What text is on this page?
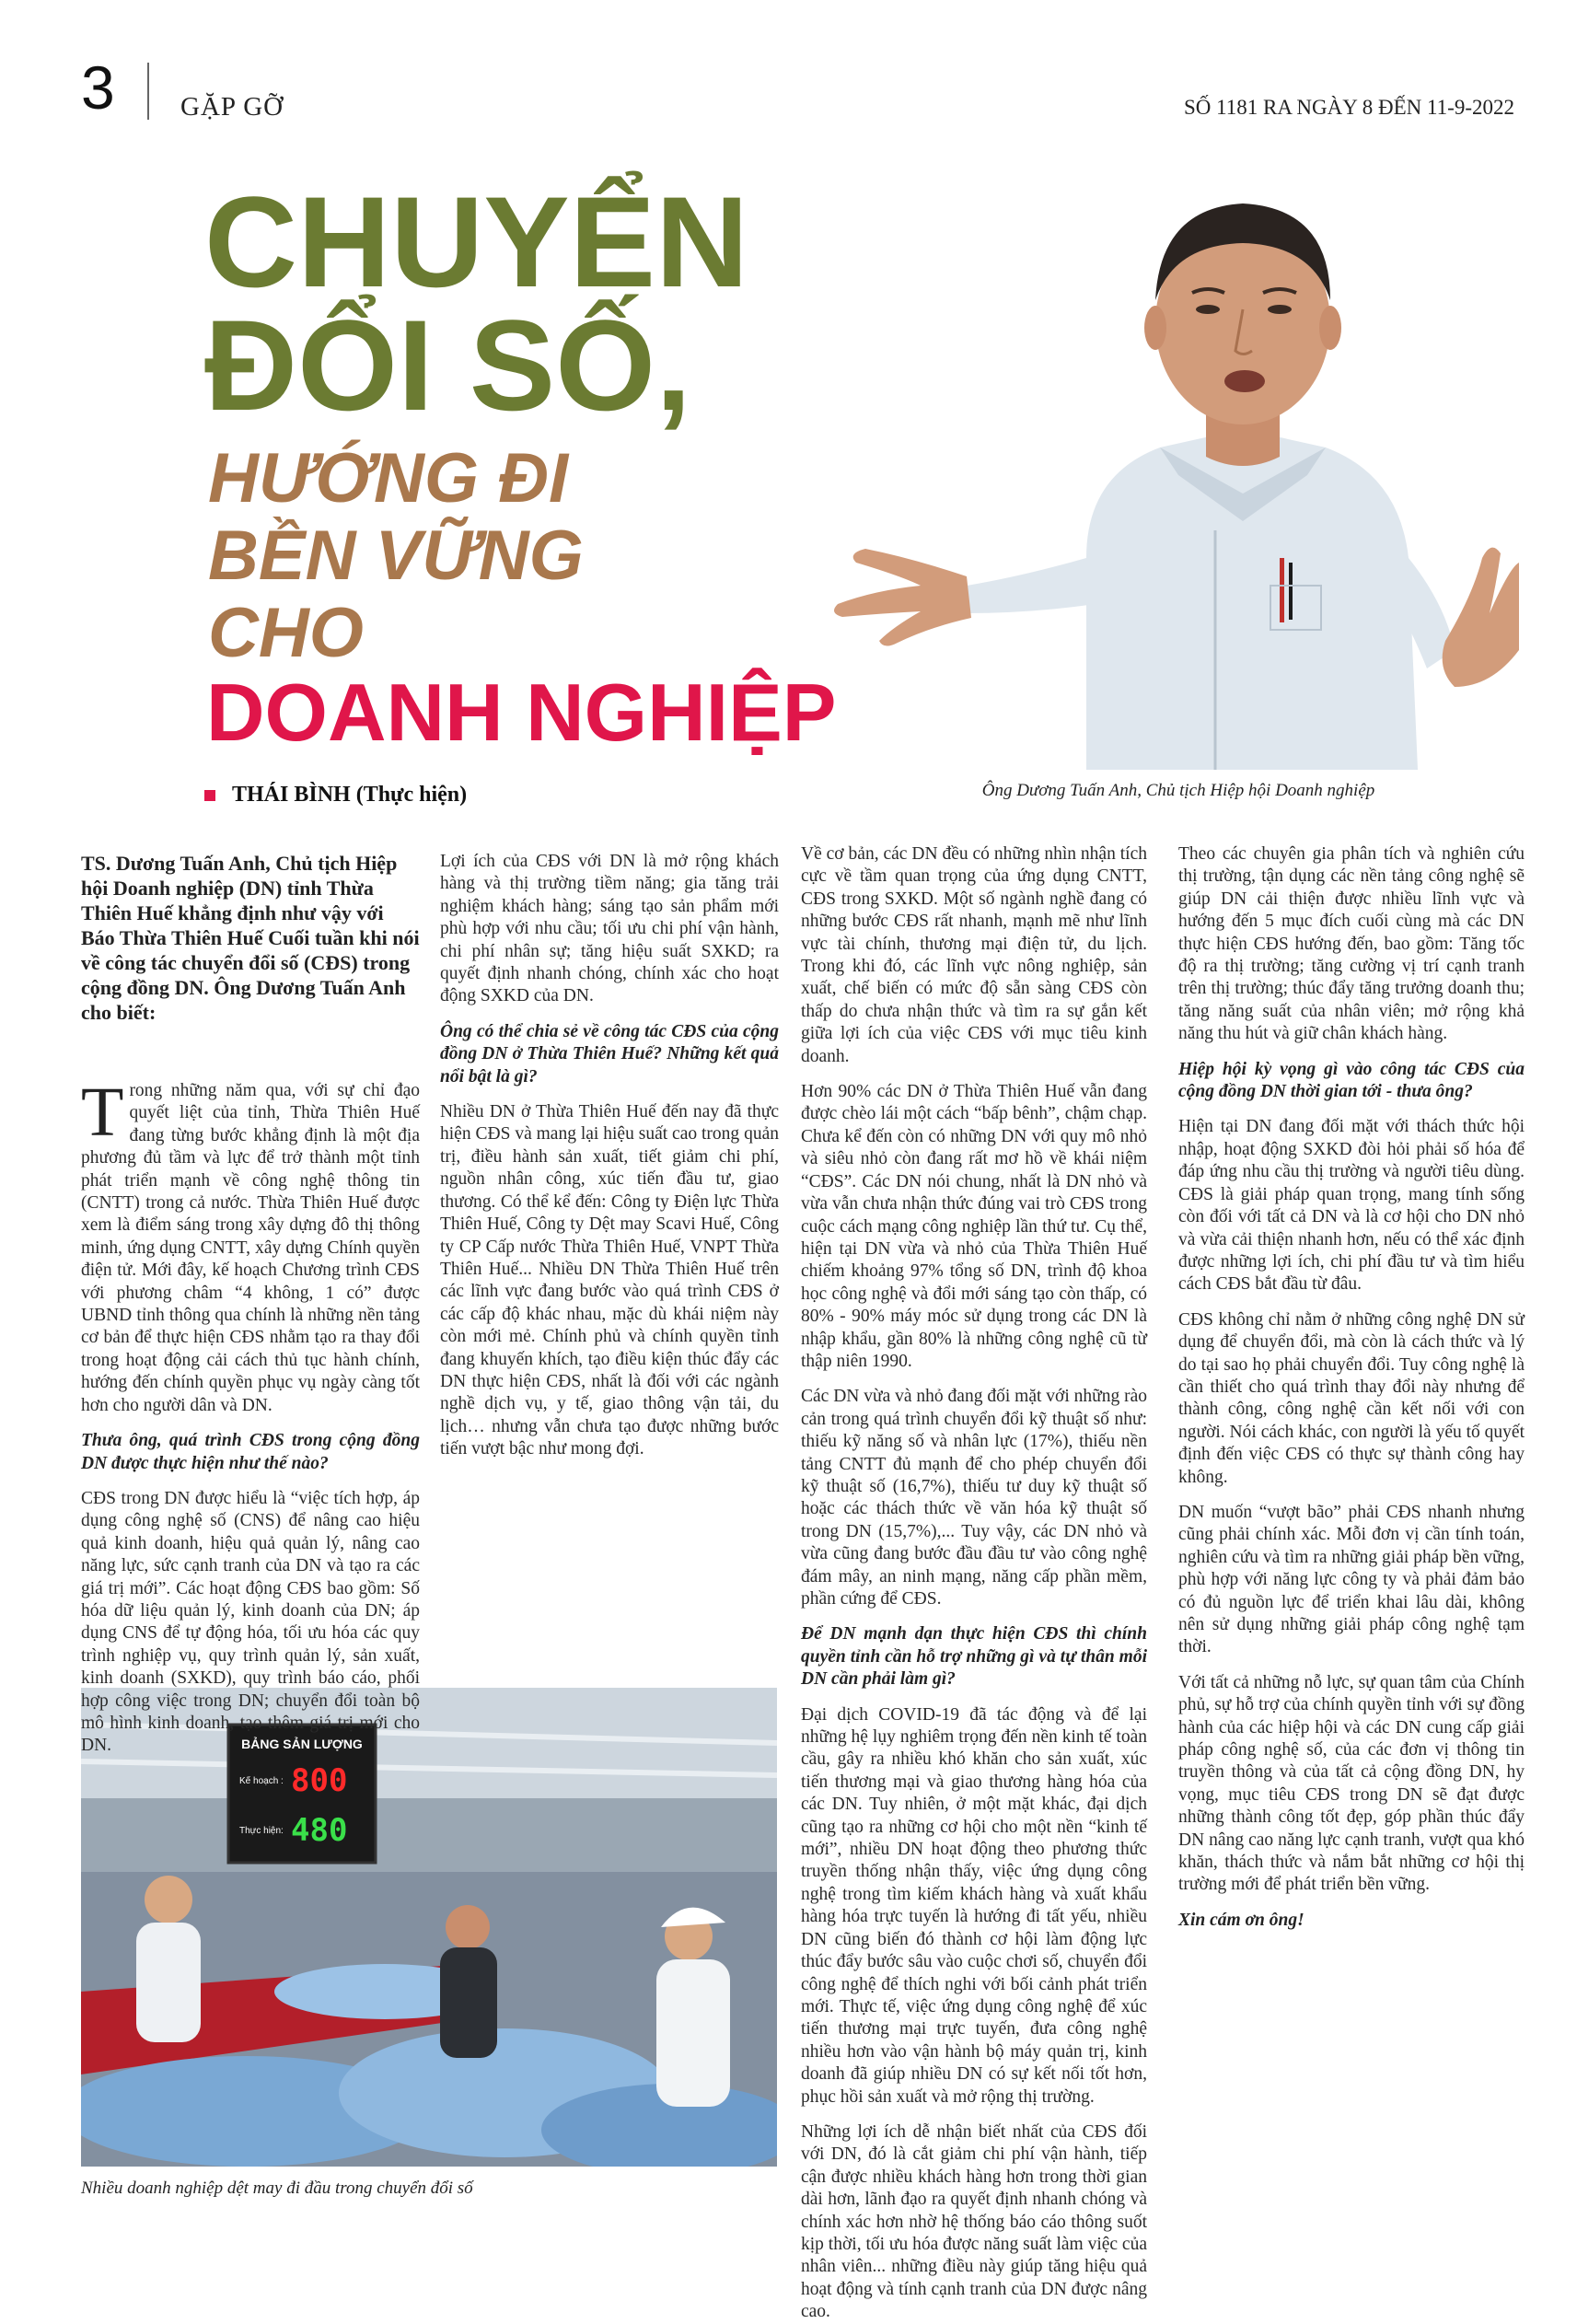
3 GẶP GỠ	SỐ 1181 RA NGÀY 8 ĐẾN 11-9-2022
CHUYỂN
ĐỔI SỐ,
HƯỚNG ĐI
BỀN VỮNG
CHO
DOANH NGHIỆP
THÁI BÌNH (Thực hiện)	Ông Dương Tuấn Anh, Chủ tịch Hiệp hội Doanh nghiệp
BẢNG SẢN LƯỢNG
Kế hoạch : 800
Thực hiện: 480
Nhiều doanh nghiệp dệt may đi đầu trong chuyển đổi số

TS. Dương Tuấn Anh, Chủ tịch Hiệp hội Doanh nghiệp (DN) tỉnh Thừa Thiên Huế khẳng định như vậy với Báo Thừa Thiên Huế Cuối tuần khi nói về công tác chuyển đổi số (CĐS) trong cộng đồng DN. Ông Dương Tuấn Anh cho biết:

Trong những năm qua, với sự chỉ đạo quyết liệt của tỉnh, Thừa Thiên Huế đang từng bước khẳng định là một địa phương đủ tầm và lực để trở thành một tỉnh phát triển mạnh về công nghệ thông tin (CNTT) trong cả nước. Thừa Thiên Huế được xem là điểm sáng trong xây dựng đô thị thông minh, ứng dụng CNTT, xây dựng Chính quyền điện tử. Mới đây, kế hoạch Chương trình CĐS với phương châm “4 không, 1 có” được UBND tỉnh thông qua chính là những nền tảng cơ bản để thực hiện CĐS nhằm tạo ra thay đổi trong hoạt động cải cách thủ tục hành chính, hướng đến chính quyền phục vụ ngày càng tốt hơn cho người dân và DN.

Thưa ông, quá trình CĐS trong cộng đồng DN được thực hiện như thế nào?

CĐS trong DN được hiểu là “việc tích hợp, áp dụng công nghệ số (CNS) để nâng cao hiệu quả kinh doanh, hiệu quả quản lý, nâng cao năng lực, sức cạnh tranh của DN và tạo ra các giá trị mới”. Các hoạt động CĐS bao gồm: Số hóa dữ liệu quản lý, kinh doanh của DN; áp dụng CNS để tự động hóa, tối ưu hóa các quy trình nghiệp vụ, quy trình quản lý, sản xuất, kinh doanh (SXKD), quy trình báo cáo, phối hợp công việc trong DN; chuyển đổi toàn bộ mô hình kinh doanh, tạo thêm giá trị mới cho DN.

Lợi ích của CĐS với DN là mở rộng khách hàng và thị trường tiềm năng; gia tăng trải nghiệm khách hàng; sáng tạo sản phẩm mới phù hợp với nhu cầu; tối ưu chi phí vận hành, chi phí nhân sự; tăng hiệu suất SXKD; ra quyết định nhanh chóng, chính xác cho hoạt động SXKD của DN.

Ông có thể chia sẻ về công tác CĐS của cộng đồng DN ở Thừa Thiên Huế? Những kết quả nổi bật là gì?

Nhiều DN ở Thừa Thiên Huế đến nay đã thực hiện CĐS và mang lại hiệu suất cao trong quản trị, điều hành sản xuất, tiết giảm chi phí, nguồn nhân công, xúc tiến đầu tư, giao thương. Có thể kể đến: Công ty Điện lực Thừa Thiên Huế, Công ty Dệt may Scavi Huế, Công ty CP Cấp nước Thừa Thiên Huế, VNPT Thừa Thiên Huế... Nhiều DN Thừa Thiên Huế trên các lĩnh vực đang bước vào quá trình CĐS ở các cấp độ khác nhau, mặc dù khái niệm này còn mới mẻ. Chính phủ và chính quyền tỉnh đang khuyến khích, tạo điều kiện thúc đẩy các DN thực hiện CĐS, nhất là đối với các ngành nghề dịch vụ, y tế, giao thông vận tải, du lịch… nhưng vẫn chưa tạo được những bước tiến vượt bậc như mong đợi.

Về cơ bản, các DN đều có những nhìn nhận tích cực về tầm quan trọng của ứng dụng CNTT, CĐS trong SXKD. Một số ngành nghề đang có những bước CĐS rất nhanh, mạnh mẽ như lĩnh vực tài chính, thương mại điện tử, du lịch. Trong khi đó, các lĩnh vực nông nghiệp, sản xuất, chế biến có mức độ sẵn sàng CĐS còn thấp do chưa nhận thức và tìm ra sự gắn kết giữa lợi ích của việc CĐS với mục tiêu kinh doanh.

Hơn 90% các DN ở Thừa Thiên Huế vẫn đang được chèo lái một cách “bấp bênh”, chậm chạp. Chưa kể đến còn có những DN với quy mô nhỏ và siêu nhỏ còn đang rất mơ hồ về khái niệm “CĐS”. Các DN nói chung, nhất là DN nhỏ và vừa vẫn chưa nhận thức đúng vai trò CĐS trong cuộc cách mạng công nghiệp lần thứ tư. Cụ thể, hiện tại DN vừa và nhỏ của Thừa Thiên Huế chiếm khoảng 97% tổng số DN, trình độ khoa học công nghệ và đổi mới sáng tạo còn thấp, có 80% - 90% máy móc sử dụng trong các DN là nhập khẩu, gần 80% là những công nghệ cũ từ thập niên 1990.

Các DN vừa và nhỏ đang đối mặt với những rào cản trong quá trình chuyển đổi kỹ thuật số như: thiếu kỹ năng số và nhân lực (17%), thiếu nền tảng CNTT đủ mạnh để cho phép chuyển đổi kỹ thuật số (16,7%), thiếu tư duy kỹ thuật số hoặc các thách thức về văn hóa kỹ thuật số trong DN (15,7%),... Tuy vậy, các DN nhỏ và vừa cũng đang bước đầu đầu tư vào công nghệ đám mây, an ninh mạng, năng cấp phần mềm, phần cứng để CĐS.

Để DN mạnh dạn thực hiện CĐS thì chính quyền tỉnh cần hỗ trợ những gì và tự thân mỗi DN cần phải làm gì?

Đại dịch COVID-19 đã tác động và để lại những hệ lụy nghiêm trọng đến nền kinh tế toàn cầu, gây ra nhiều khó khăn cho sản xuất, xúc tiến thương mại và giao thương hàng hóa của các DN. Tuy nhiên, ở một mặt khác, đại dịch cũng tạo ra những cơ hội cho một nền “kinh tế mới”, nhiều DN hoạt động theo phương thức truyền thống nhận thấy, việc ứng dụng công nghệ trong tìm kiếm khách hàng và xuất khẩu hàng hóa trực tuyến là hướng đi tất yếu, nhiều DN cũng biến đó thành cơ hội làm động lực thúc đẩy bước sâu vào cuộc chơi số, chuyển đổi công nghệ để thích nghi với bối cảnh phát triển mới. Thực tế, việc ứng dụng công nghệ để xúc tiến thương mại trực tuyến, đưa công nghệ nhiều hơn vào vận hành bộ máy quản trị, kinh doanh đã giúp nhiều DN có sự kết nối tốt hơn, phục hồi sản xuất và mở rộng thị trường.

Những lợi ích dễ nhận biết nhất của CĐS đối với DN, đó là cắt giảm chi phí vận hành, tiếp cận được nhiều khách hàng hơn trong thời gian dài hơn, lãnh đạo ra quyết định nhanh chóng và chính xác hơn nhờ hệ thống báo cáo thông suốt kịp thời, tối ưu hóa được năng suất làm việc của nhân viên... những điều này giúp tăng hiệu quả hoạt động và tính cạnh tranh của DN được nâng cao.

Theo các chuyên gia phân tích và nghiên cứu thị trường, tận dụng các nền tảng công nghệ sẽ giúp DN cải thiện được nhiều lĩnh vực và hướng đến 5 mục đích cuối cùng mà các DN thực hiện CĐS hướng đến, bao gồm: Tăng tốc độ ra thị trường; tăng cường vị trí cạnh tranh trên thị trường; thúc đẩy tăng trưởng doanh thu; tăng năng suất của nhân viên; mở rộng khả năng thu hút và giữ chân khách hàng.

Hiệp hội kỳ vọng gì vào công tác CĐS của cộng đồng DN thời gian tới - thưa ông?

Hiện tại DN đang đối mặt với thách thức hội nhập, hoạt động SXKD đòi hỏi phải số hóa để đáp ứng nhu cầu thị trường và người tiêu dùng. CĐS là giải pháp quan trọng, mang tính sống còn đối với tất cả DN và là cơ hội cho DN nhỏ và vừa cải thiện nhanh hơn, nếu có thể xác định được những lợi ích, chi phí đầu tư và tìm hiểu cách CĐS bắt đầu từ đâu.

CĐS không chỉ nằm ở những công nghệ DN sử dụng để chuyển đổi, mà còn là cách thức và lý do tại sao họ phải chuyển đổi. Tuy công nghệ là cần thiết cho quá trình thay đổi này nhưng để thành công, công nghệ cần kết nối với con người. Nói cách khác, con người là yếu tố quyết định đến việc CĐS có thực sự thành công hay không.

DN muốn “vượt bão” phải CĐS nhanh nhưng cũng phải chính xác. Mỗi đơn vị cần tính toán, nghiên cứu và tìm ra những giải pháp bền vững, phù hợp với năng lực công ty và phải đảm bảo có đủ nguồn lực để triển khai lâu dài, không nên sử dụng những giải pháp công nghệ tạm thời.

Với tất cả những nỗ lực, sự quan tâm của Chính phủ, sự hỗ trợ của chính quyền tỉnh với sự đồng hành của các hiệp hội và các DN cung cấp giải pháp công nghệ số, của các đơn vị thông tin truyền thông và của tất cả cộng đồng DN, hy vọng, mục tiêu CĐS trong DN sẽ đạt được những thành công tốt đẹp, góp phần thúc đẩy DN nâng cao năng lực cạnh tranh, vượt qua khó khăn, thách thức và nắm bắt những cơ hội thị trường mới để phát triển bền vững.

Xin cám ơn ông!
